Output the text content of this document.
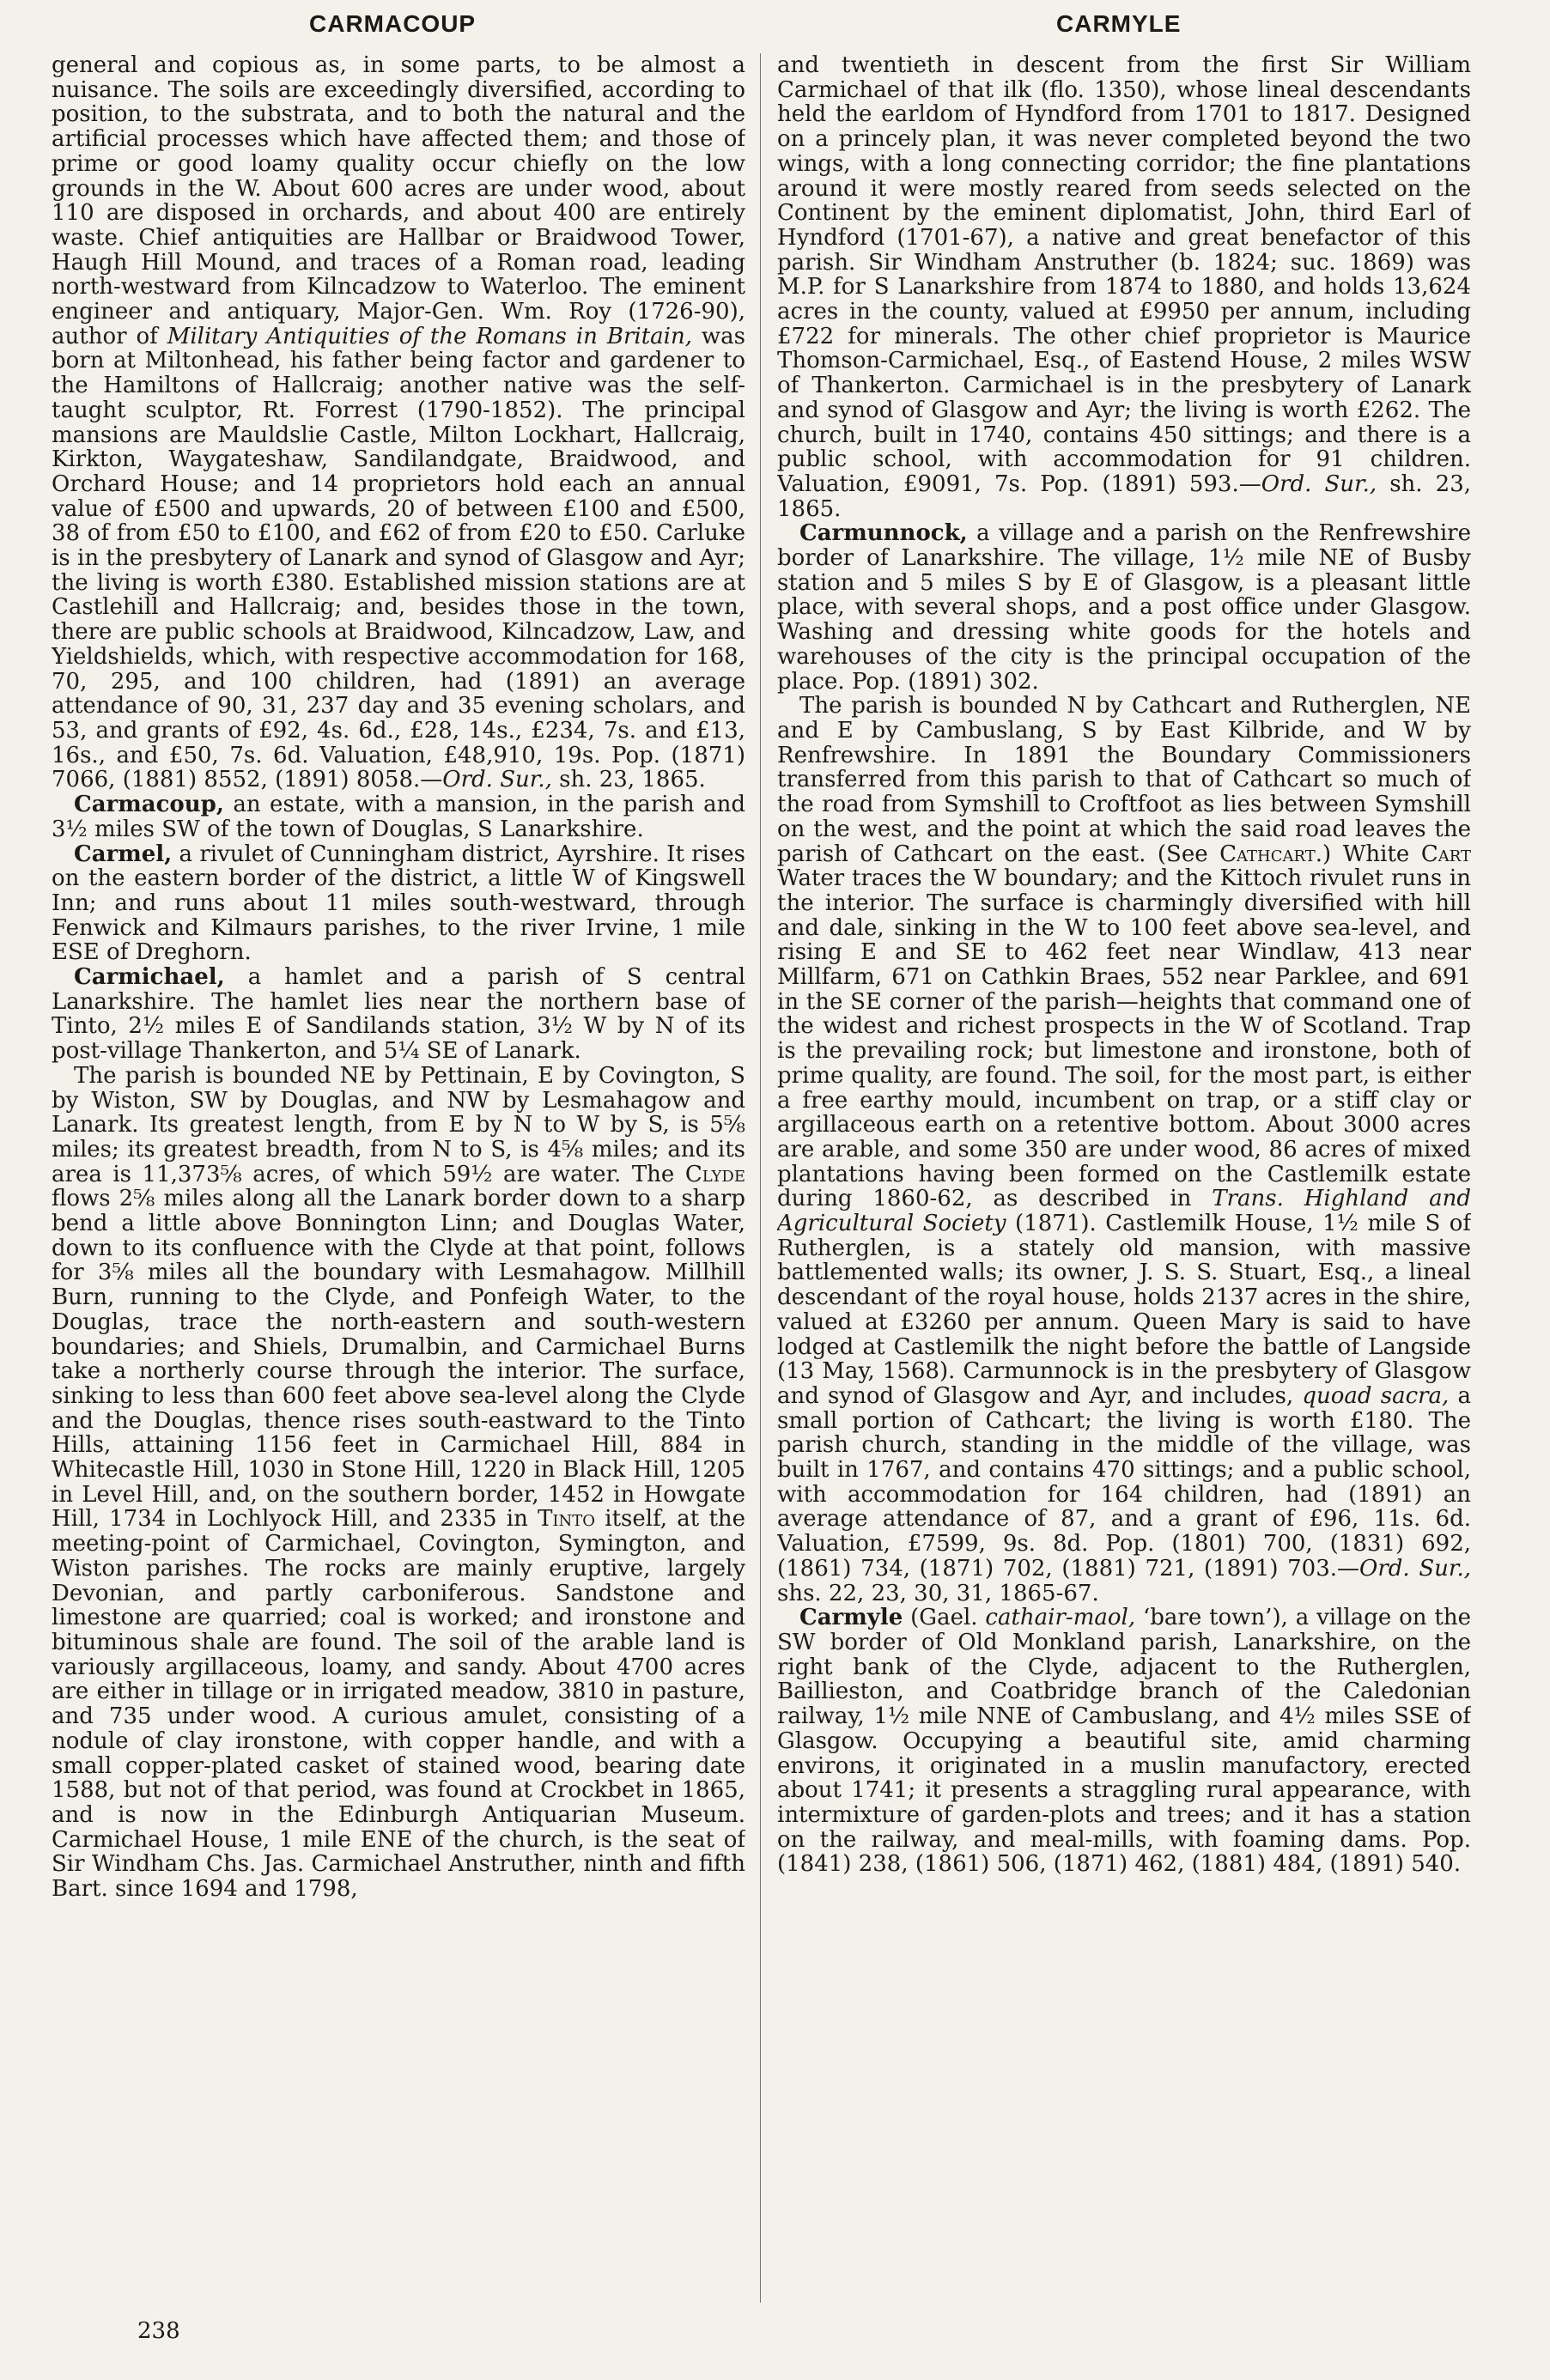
CARMACOUP	CARMYLE

general and copious as, in some parts, to be almost a nuisance. The soils are exceedingly diversified, according to position, to the substrata, and to both the natural and the artificial processes which have affected them; and those of prime or good loamy quality occur chiefly on the low grounds in the W. About 600 acres are under wood, about 110 are disposed in orchards, and about 400 are entirely waste. Chief antiquities are Hallbar or Braidwood Tower, Haugh Hill Mound, and traces of a Roman road, leading north-westward from Kilncadzow to Waterloo. The eminent engineer and antiquary, Major-Gen. Wm. Roy (1726-90), author of Military Antiquities of the Romans in Britain, was born at Miltonhead, his father being factor and gardener to the Hamiltons of Hallcraig; another native was the self-taught sculptor, Rt. Forrest (1790-1852). The principal mansions are Mauldslie Castle, Milton Lockhart, Hallcraig, Kirkton, Waygateshaw, Sandilandgate, Braidwood, and Orchard House; and 14 proprietors hold each an annual value of £500 and upwards, 20 of between £100 and £500, 38 of from £50 to £100, and £62 of from £20 to £50. Carluke is in the presbytery of Lanark and synod of Glasgow and Ayr; the living is worth £380. Established mission stations are at Castlehill and Hallcraig; and, besides those in the town, there are public schools at Braidwood, Kilncadzow, Law, and Yieldshields, which, with respective accommodation for 168, 70, 295, and 100 children, had (1891) an average attendance of 90, 31, 237 day and 35 evening scholars, and 53, and grants of £92, 4s. 6d., £28, 14s., £234, 7s. and £13, 16s., and £50, 7s. 6d. Valuation, £48,910, 19s. Pop. (1871) 7066, (1881) 8552, (1891) 8058.—Ord. Sur., sh. 23, 1865.

Carmacoup, an estate, with a mansion, in the parish and 3½ miles SW of the town of Douglas, S Lanarkshire.

Carmel, a rivulet of Cunningham district, Ayrshire. It rises on the eastern border of the district, a little W of Kingswell Inn; and runs about 11 miles south-westward, through Fenwick and Kilmaurs parishes, to the river Irvine, 1 mile ESE of Dreghorn.

Carmichael, a hamlet and a parish of S central Lanarkshire. The hamlet lies near the northern base of Tinto, 2½ miles E of Sandilands station, 3½ W by N of its post-village Thankerton, and 5¼ SE of Lanark.

The parish is bounded NE by Pettinain, E by Covington, S by Wiston, SW by Douglas, and NW by Lesmahagow and Lanark. Its greatest length, from E by N to W by S, is 5⅝ miles; its greatest breadth, from N to S, is 4⅝ miles; and its area is 11,373⅝ acres, of which 59½ are water. The Clyde flows 2⅝ miles along all the Lanark border down to a sharp bend a little above Bonnington Linn; and Douglas Water, down to its confluence with the Clyde at that point, follows for 3⅝ miles all the boundary with Lesmahagow. Millhill Burn, running to the Clyde, and Ponfeigh Water, to the Douglas, trace the north-eastern and south-western boundaries; and Shiels, Drumalbin, and Carmichael Burns take a northerly course through the interior. The surface, sinking to less than 600 feet above sea-level along the Clyde and the Douglas, thence rises south-eastward to the Tinto Hills, attaining 1156 feet in Carmichael Hill, 884 in Whitecastle Hill, 1030 in Stone Hill, 1220 in Black Hill, 1205 in Level Hill, and, on the southern border, 1452 in Howgate Hill, 1734 in Lochlyock Hill, and 2335 in Tinto itself, at the meeting-point of Carmichael, Covington, Symington, and Wiston parishes. The rocks are mainly eruptive, largely Devonian, and partly carboniferous. Sandstone and limestone are quarried; coal is worked; and ironstone and bituminous shale are found. The soil of the arable land is variously argillaceous, loamy, and sandy. About 4700 acres are either in tillage or in irrigated meadow, 3810 in pasture, and 735 under wood. A curious amulet, consisting of a nodule of clay ironstone, with copper handle, and with a small copper-plated casket of stained wood, bearing date 1588, but not of that period, was found at Crockbet in 1865, and is now in the Edinburgh Antiquarian Museum. Carmichael House, 1 mile ENE of the church, is the seat of Sir Windham Chs. Jas. Carmichael Anstruther, ninth and fifth Bart. since 1694 and 1798,

and twentieth in descent from the first Sir William Carmichael of that ilk (flo. 1350), whose lineal descendants held the earldom of Hyndford from 1701 to 1817. Designed on a princely plan, it was never completed beyond the two wings, with a long connecting corridor; the fine plantations around it were mostly reared from seeds selected on the Continent by the eminent diplomatist, John, third Earl of Hyndford (1701-67), a native and great benefactor of this parish. Sir Windham Anstruther (b. 1824; suc. 1869) was M.P. for S Lanarkshire from 1874 to 1880, and holds 13,624 acres in the county, valued at £9950 per annum, including £722 for minerals. The other chief proprietor is Maurice Thomson-Carmichael, Esq., of Eastend House, 2 miles WSW of Thankerton. Carmichael is in the presbytery of Lanark and synod of Glasgow and Ayr; the living is worth £262. The church, built in 1740, contains 450 sittings; and there is a public school, with accommodation for 91 children. Valuation, £9091, 7s. Pop. (1891) 593.—Ord. Sur., sh. 23, 1865.

Carmunnock, a village and a parish on the Renfrewshire border of Lanarkshire. The village, 1½ mile NE of Busby station and 5 miles S by E of Glasgow, is a pleasant little place, with several shops, and a post office under Glasgow. Washing and dressing white goods for the hotels and warehouses of the city is the principal occupation of the place. Pop. (1891) 302.

The parish is bounded N by Cathcart and Rutherglen, NE and E by Cambuslang, S by East Kilbride, and W by Renfrewshire. In 1891 the Boundary Commissioners transferred from this parish to that of Cathcart so much of the road from Symshill to Croftfoot as lies between Symshill on the west, and the point at which the said road leaves the parish of Cathcart on the east. (See Cathcart.) White Cart Water traces the W boundary; and the Kittoch rivulet runs in the interior. The surface is charmingly diversified with hill and dale, sinking in the W to 100 feet above sea-level, and rising E and SE to 462 feet near Windlaw, 413 near Millfarm, 671 on Cathkin Braes, 552 near Parklee, and 691 in the SE corner of the parish—heights that command one of the widest and richest prospects in the W of Scotland. Trap is the prevailing rock; but limestone and ironstone, both of prime quality, are found. The soil, for the most part, is either a free earthy mould, incumbent on trap, or a stiff clay or argillaceous earth on a retentive bottom. About 3000 acres are arable, and some 350 are under wood, 86 acres of mixed plantations having been formed on the Castlemilk estate during 1860-62, as described in Trans. Highland and Agricultural Society (1871). Castlemilk House, 1½ mile S of Rutherglen, is a stately old mansion, with massive battlemented walls; its owner, J. S. S. Stuart, Esq., a lineal descendant of the royal house, holds 2137 acres in the shire, valued at £3260 per annum. Queen Mary is said to have lodged at Castlemilk the night before the battle of Langside (13 May, 1568). Carmunnock is in the presbytery of Glasgow and synod of Glasgow and Ayr, and includes, quoad sacra, a small portion of Cathcart; the living is worth £180. The parish church, standing in the middle of the village, was built in 1767, and contains 470 sittings; and a public school, with accommodation for 164 children, had (1891) an average attendance of 87, and a grant of £96, 11s. 6d. Valuation, £7599, 9s. 8d. Pop. (1801) 700, (1831) 692, (1861) 734, (1871) 702, (1881) 721, (1891) 703.—Ord. Sur., shs. 22, 23, 30, 31, 1865-67.

Carmyle (Gael. cathair-maol, ‘bare town’), a village on the SW border of Old Monkland parish, Lanarkshire, on the right bank of the Clyde, adjacent to the Rutherglen, Baillieston, and Coatbridge branch of the Caledonian railway, 1½ mile NNE of Cambuslang, and 4½ miles SSE of Glasgow. Occupying a beautiful site, amid charming environs, it originated in a muslin manufactory, erected about 1741; it presents a straggling rural appearance, with intermixture of garden-plots and trees; and it has a station on the railway, and meal-mills, with foaming dams. Pop. (1841) 238, (1861) 506, (1871) 462, (1881) 484, (1891) 540.

238
